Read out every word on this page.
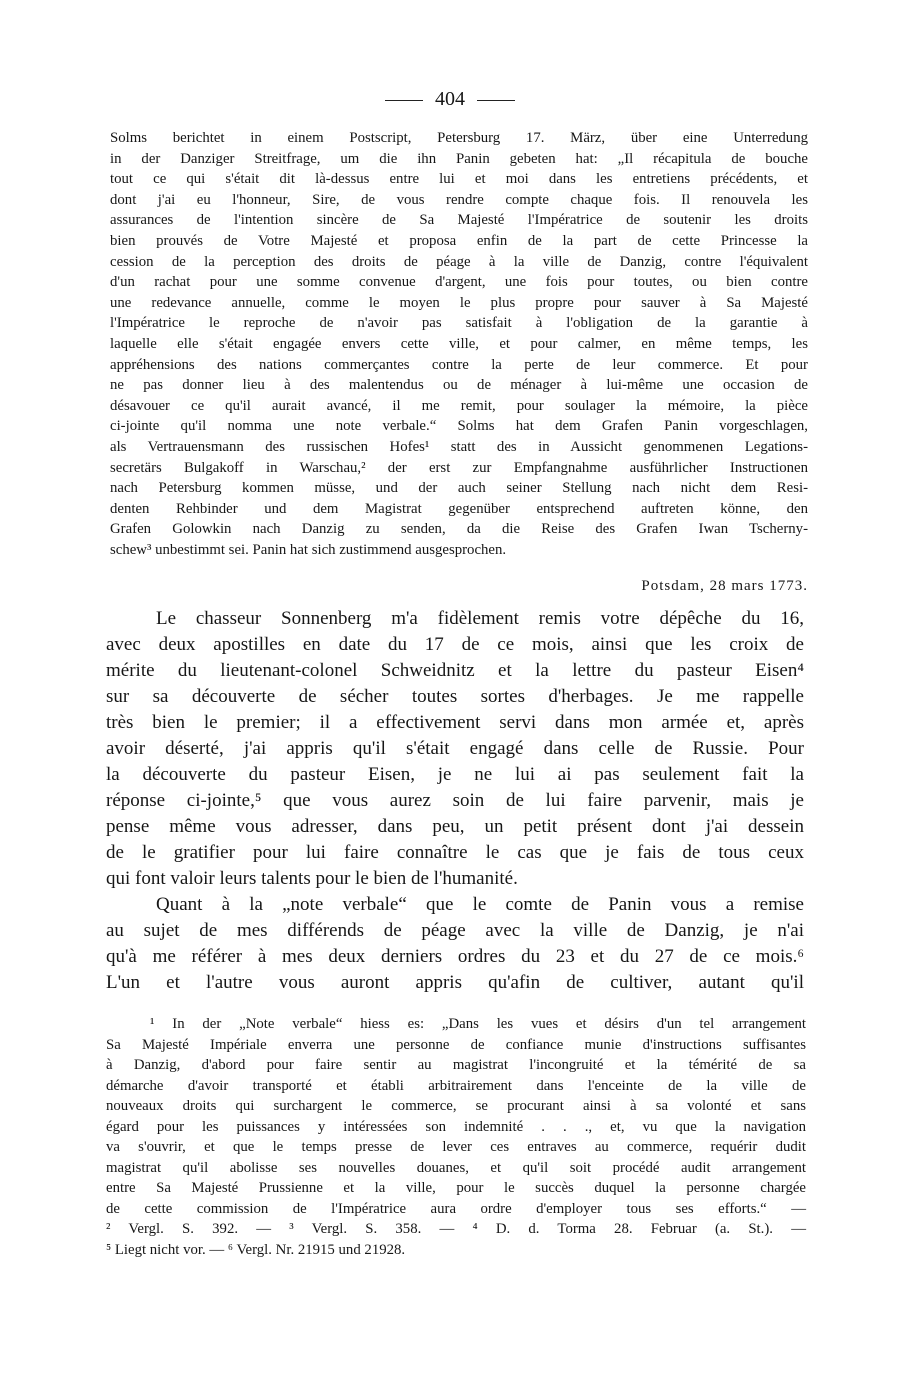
404
Solms berichtet in einem Postscript, Petersburg 17. März, über eine Unterredung
in der Danziger Streitfrage, um die ihn Panin gebeten hat: „Il récapitula de bouche
tout ce qui s'était dit là-dessus entre lui et moi dans les entretiens précédents, et
dont j'ai eu l'honneur, Sire, de vous rendre compte chaque fois. Il renouvela les
assurances de l'intention sincère de Sa Majesté l'Impératrice de soutenir les droits
bien prouvés de Votre Majesté et proposa enfin de la part de cette Princesse la
cession de la perception des droits de péage à la ville de Danzig, contre l'équivalent
d'un rachat pour une somme convenue d'argent, une fois pour toutes, ou bien contre
une redevance annuelle, comme le moyen le plus propre pour sauver à Sa Majesté
l'Impératrice le reproche de n'avoir pas satisfait à l'obligation de la garantie à
laquelle elle s'était engagée envers cette ville, et pour calmer, en même temps, les
appréhensions des nations commerçantes contre la perte de leur commerce. Et pour
ne pas donner lieu à des malentendus ou de ménager à lui-même une occasion de
désavouer ce qu'il aurait avancé, il me remit, pour soulager la mémoire, la pièce
ci-jointe qu'il nomma une note verbale.“ Solms hat dem Grafen Panin vorgeschlagen,
als Vertrauensmann des russischen Hofes¹ statt des in Aussicht genommenen Legations-
secretärs Bulgakoff in Warschau,² der erst zur Empfangnahme ausführlicher Instructionen
nach Petersburg kommen müsse, und der auch seiner Stellung nach nicht dem Resi-
denten Rehbinder und dem Magistrat gegenüber entsprechend auftreten könne, den
Grafen Golowkin nach Danzig zu senden, da die Reise des Grafen Iwan Tscherny-
schew³ unbestimmt sei. Panin hat sich zustimmend ausgesprochen.
Potsdam, 28 mars 1773.
Le chasseur Sonnenberg m'a fidèlement remis votre dépêche du 16,
avec deux apostilles en date du 17 de ce mois, ainsi que les croix de
mérite du lieutenant-colonel Schweidnitz et la lettre du pasteur Eisen⁴
sur sa découverte de sécher toutes sortes d'herbages. Je me rappelle
très bien le premier; il a effectivement servi dans mon armée et, après
avoir déserté, j'ai appris qu'il s'était engagé dans celle de Russie. Pour
la découverte du pasteur Eisen, je ne lui ai pas seulement fait la
réponse ci-jointe,⁵ que vous aurez soin de lui faire parvenir, mais je
pense même vous adresser, dans peu, un petit présent dont j'ai dessein
de le gratifier pour lui faire connaître le cas que je fais de tous ceux
qui font valoir leurs talents pour le bien de l'humanité.
Quant à la „note verbale“ que le comte de Panin vous a remise
au sujet de mes différends de péage avec la ville de Danzig, je n'ai
qu'à me référer à mes deux derniers ordres du 23 et du 27 de ce mois.⁶
L'un et l'autre vous auront appris qu'afin de cultiver, autant qu'il
¹ In der „Note verbale“ hiess es: „Dans les vues et désirs d'un tel arrangement
Sa Majesté Impériale enverra une personne de confiance munie d'instructions suffisantes
à Danzig, d'abord pour faire sentir au magistrat l'incongruité et la témérité de sa
démarche d'avoir transporté et établi arbitrairement dans l'enceinte de la ville de
nouveaux droits qui surchargent le commerce, se procurant ainsi à sa volonté et sans
égard pour les puissances y intéressées son indemnité . . ., et, vu que la navigation
va s'ouvrir, et que le temps presse de lever ces entraves au commerce, requérir dudit
magistrat qu'il abolisse ses nouvelles douanes, et qu'il soit procédé audit arrangement
entre Sa Majesté Prussienne et la ville, pour le succès duquel la personne chargée
de cette commission de l'Impératrice aura ordre d'employer tous ses efforts.“ —
² Vergl. S. 392. — ³ Vergl. S. 358. — ⁴ D. d. Torma 28. Februar (a. St.). —
⁵ Liegt nicht vor. — ⁶ Vergl. Nr. 21915 und 21928.
